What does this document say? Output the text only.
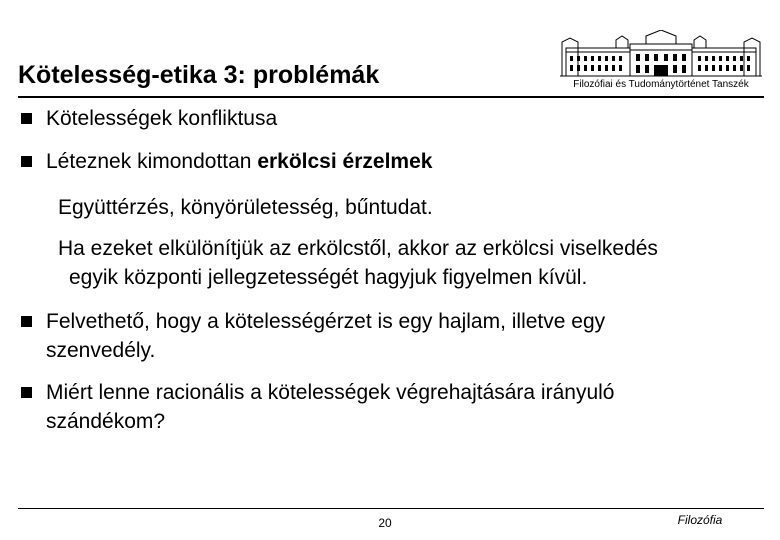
Kötelesség-etika 3: problémák	Filozófiai és Tudománytörténet Tanszék
Kötelességek konfliktusa
Léteznek kimondottan erkölcsi érzelmek
Együttérzés, könyörületesség, bűntudat.
Ha ezeket elkülönítjük az erkölcstől, akkor az erkölcsi viselkedés
egyik központi jellegzetességét hagyjuk figyelmen kívül.
Felvethető, hogy a kötelességérzet is egy hajlam, illetve egy
szenvedély.
Miért lenne racionális a kötelességek végrehajtására irányuló
szándékom?
20	Filozófia
